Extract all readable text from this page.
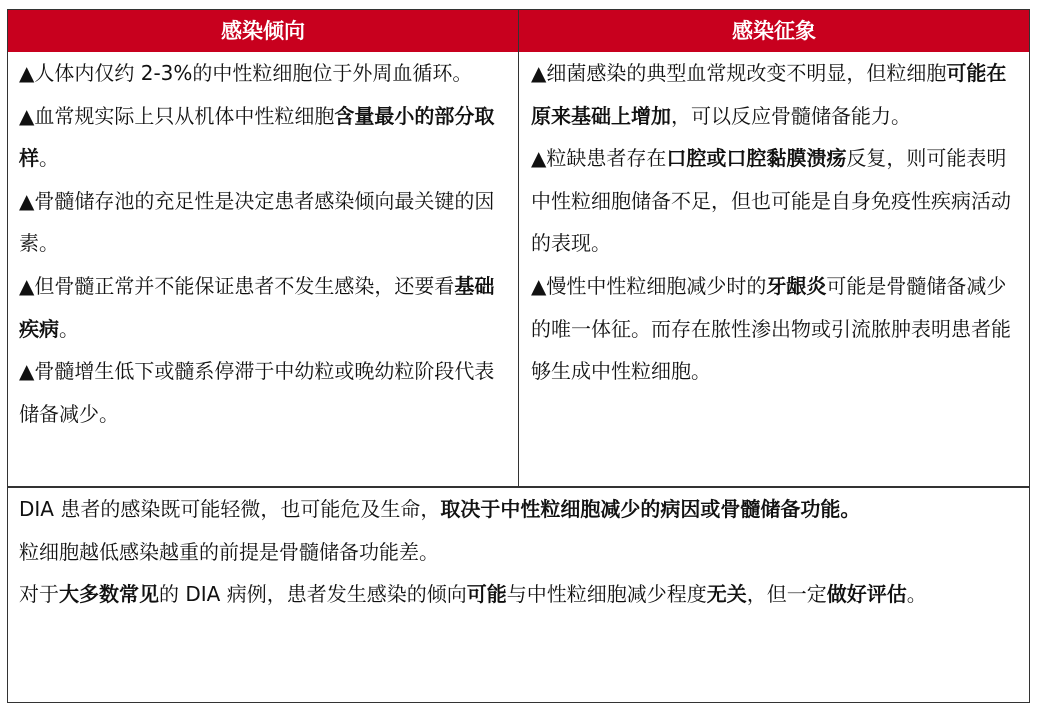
感染倾向	感染征象

▲人体内仅约 2-3%的中性粒细胞位于外周血循环。

▲血常规实际上只从机体中性粒细胞含量最小的部分取样。

▲骨髓储存池的充足性是决定患者感染倾向最关键的因素。

▲但骨髓正常并不能保证患者不发生感染，还要看基础疾病。

▲骨髓增生低下或髓系停滞于中幼粒或晚幼粒阶段代表储备减少。

▲细菌感染的典型血常规改变不明显，但粒细胞可能在原来基础上增加，可以反应骨髓储备能力。

▲粒缺患者存在口腔或口腔黏膜溃疡反复，则可能表明中性粒细胞储备不足，但也可能是自身免疫性疾病活动的表现。

▲慢性中性粒细胞减少时的牙龈炎可能是骨髓储备减少的唯一体征。而存在脓性渗出物或引流脓肿表明患者能够生成中性粒细胞。

DIA 患者的感染既可能轻微，也可能危及生命，取决于中性粒细胞减少的病因或骨髓储备功能。

粒细胞越低感染越重的前提是骨髓储备功能差。

对于大多数常见的 DIA 病例，患者发生感染的倾向可能与中性粒细胞减少程度无关，但一定做好评估。
